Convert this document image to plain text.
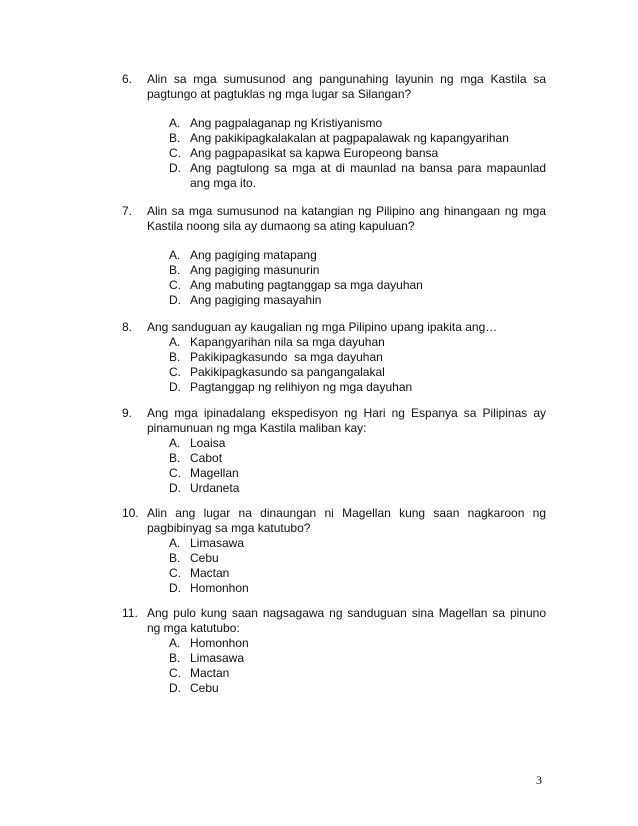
6.	Alin sa mga sumusunod ang pangunahing layunin ng mga Kastila sa pagtungo at pagtuklas ng mga lugar sa Silangan?
A. Ang pagpalaganap ng Kristiyanismo
B. Ang pakikipagkalakalan at pagpapalawak ng kapangyarihan
C. Ang pagpapasikat sa kapwa Europeong bansa
D. Ang pagtulong sa mga at di maunlad na bansa para mapaunlad ang mga ito.
7.	Alin sa mga sumusunod na katangian ng Pilipino ang hinangaan ng mga Kastila noong sila ay dumaong sa ating kapuluan?
A. Ang pagiging matapang
B. Ang pagiging masunurin
C. Ang mabuting pagtanggap sa mga dayuhan
D. Ang pagiging masayahin
8.	Ang sanduguan ay kaugalian ng mga Pilipino upang ipakita ang…
A. Kapangyarihan nila sa mga dayuhan
B. Pakikipagkasundo  sa mga dayuhan
C. Pakikipagkasundo sa pangangalakal
D. Pagtanggap ng relihiyon ng mga dayuhan
9.	Ang mga ipinadalang ekspedisyon ng Hari ng Espanya sa Pilipinas ay pinamunuan ng mga Kastila maliban kay:
A. Loaisa
B. Cabot
C. Magellan
D. Urdaneta
10. Alin ang lugar na dinaungan ni Magellan kung saan nagkaroon ng pagbibinyag sa mga katutubo?
A. Limasawa
B. Cebu
C. Mactan
D. Homonhon
11. Ang pulo kung saan nagsagawa ng sanduguan sina Magellan sa pinuno ng mga katutubo:
A. Homonhon
B. Limasawa
C. Mactan
D. Cebu
3
